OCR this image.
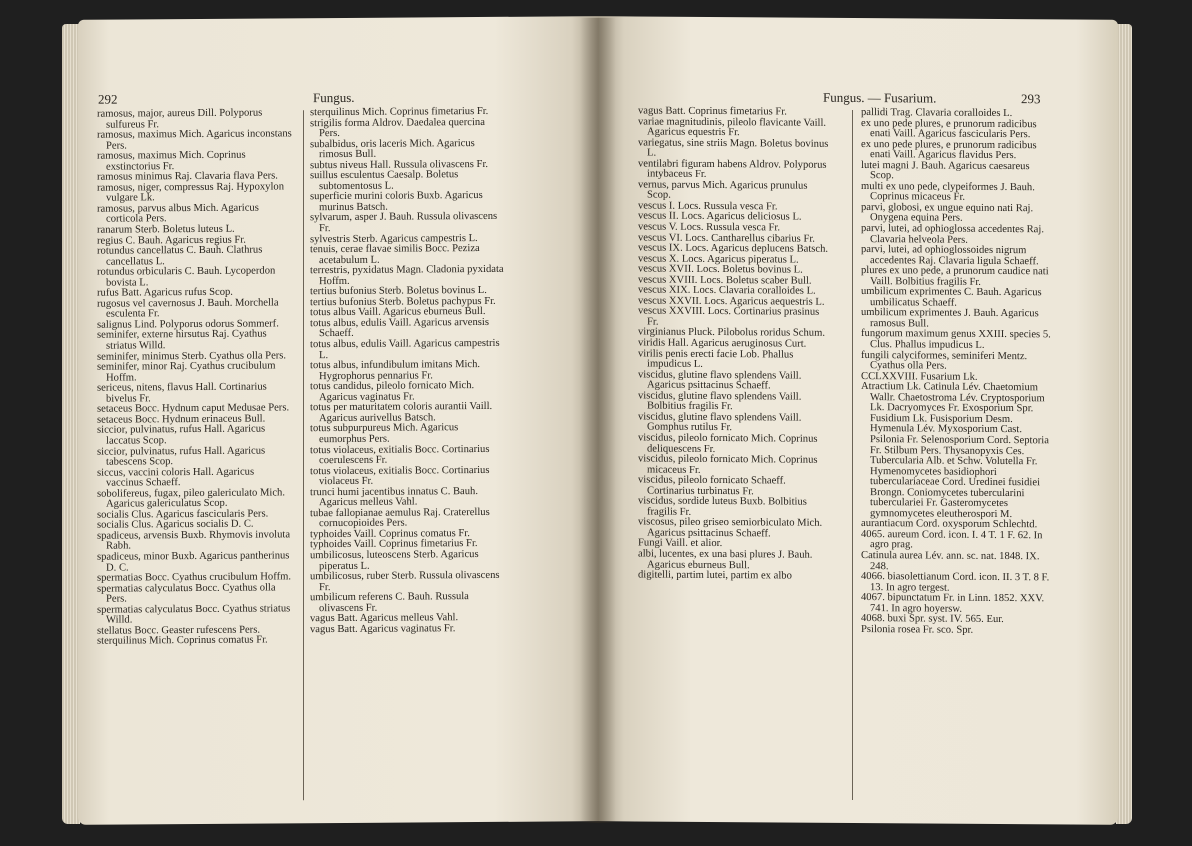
292	Fungus.

ramosus, major, aureus Dill. Polyporus sulfureus Fr.

ramosus, maximus Mich. Agaricus inconstans Pers.

ramosus, maximus Mich. Coprinus exstinctorius Fr.

ramosus minimus Raj. Clavaria flava Pers.

ramosus, niger, compressus Raj. Hypoxylon vulgare Lk.

ramosus, parvus albus Mich. Agaricus corticola Pers.

ranarum Sterb. Boletus luteus L.

regius C. Bauh. Agaricus regius Fr.

rotundus cancellatus C. Bauh. Clathrus cancellatus L.

rotundus orbicularis C. Bauh. Lycoperdon bovista L.

rufus Batt. Agaricus rufus Scop.

rugosus vel cavernosus J. Bauh. Morchella esculenta Fr.

salignus Lind. Polyporus odorus Sommerf.

seminifer, externe hirsutus Raj. Cyathus striatus Willd.

seminifer, minimus Sterb. Cyathus olla Pers.

seminifer, minor Raj. Cyathus crucibulum Hoffm.

sericeus, nitens, flavus Hall. Cortinarius bivelus Fr.

setaceus Bocc. Hydnum caput Medusae Pers.

setaceus Bocc. Hydnum erinaceus Bull.

siccior, pulvinatus, rufus Hall. Agaricus laccatus Scop.

siccior, pulvinatus, rufus Hall. Agaricus tabescens Scop.

siccus, vaccini coloris Hall. Agaricus vaccinus Schaeff.

sobolifereus, fugax, pileo galericulato Mich. Agaricus galericulatus Scop.

socialis Clus. Agaricus fascicularis Pers.

socialis Clus. Agaricus socialis D. C.

spadiceus, arvensis Buxb. Rhymovis involuta Rabh.

spadiceus, minor Buxb. Agaricus pantherinus D. C.

spermatias Bocc. Cyathus crucibulum Hoffm.

spermatias calyculatus Bocc. Cyathus olla Pers.

spermatias calyculatus Bocc. Cyathus striatus Willd.

stellatus Bocc. Geaster rufescens Pers.

sterquilinus Mich. Coprinus comatus Fr.

sterquilinus Mich. Coprinus fimetarius Fr.

strigilis forma Aldrov. Daedalea quercina Pers.

subalbidus, oris laceris Mich. Agaricus rimosus Bull.

subtus niveus Hall. Russula olivascens Fr.

suillus esculentus Caesalp. Boletus subtomentosus L.

superficie murini coloris Buxb. Agaricus murinus Batsch.

sylvarum, asper J. Bauh. Russula olivascens Fr.

sylvestris Sterb. Agaricus campestris L.

tenuis, cerae flavae similis Bocc. Peziza acetabulum L.

terrestris, pyxidatus Magn. Cladonia pyxidata Hoffm.

tertius bufonius Sterb. Boletus bovinus L.

tertius bufonius Sterb. Boletus pachypus Fr.

totus albus Vaill. Agaricus eburneus Bull.

totus albus, edulis Vaill. Agaricus arvensis Schaeff.

totus albus, edulis Vaill. Agaricus campestris L.

totus albus, infundibulum imitans Mich. Hygrophorus pennarius Fr.

totus candidus, pileolo fornicato Mich. Agaricus vaginatus Fr.

totus per maturitatem coloris aurantii Vaill. Agaricus aurivellus Batsch.

totus subpurpureus Mich. Agaricus eumorphus Pers.

totus violaceus, exitialis Bocc. Cortinarius coerulescens Fr.

totus violaceus, exitialis Bocc. Cortinarius violaceus Fr.

trunci humi jacentibus innatus C. Bauh. Agaricus melleus Vahl.

tubae fallopianae aemulus Raj. Craterellus cornucopioides Pers.

typhoides Vaill. Coprinus comatus Fr.

typhoides Vaill. Coprinus fimetarius Fr.

umbilicosus, luteoscens Sterb. Agaricus piperatus L.

umbilicosus, ruber Sterb. Russula olivascens Fr.

umbilicum referens C. Bauh. Russula olivascens Fr.

vagus Batt. Agaricus melleus Vahl.

vagus Batt. Agaricus vaginatus Fr.

Fungus. — Fusarium.	293

vagus Batt. Coprinus fimetarius Fr.

variae magnitudinis, pileolo flavicante Vaill. Agaricus equestris Fr.

variegatus, sine striis Magn. Boletus bovinus L.

ventilabri figuram habens Aldrov. Polyporus intybaceus Fr.

vernus, parvus Mich. Agaricus prunulus Scop.

vescus I. Locs. Russula vesca Fr.

vescus II. Locs. Agaricus deliciosus L.

vescus V. Locs. Russula vesca Fr.

vescus VI. Locs. Cantharellus cibarius Fr.

vescus IX. Locs. Agaricus deplucens Batsch.

vescus X. Locs. Agaricus piperatus L.

vescus XVII. Locs. Boletus bovinus L.

vescus XVIII. Locs. Boletus scaber Bull.

vescus XIX. Locs. Clavaria coralloides L.

vescus XXVII. Locs. Agaricus aequestris L.

vescus XXVIII. Locs. Cortinarius prasinus Fr.

virginianus Pluck. Pilobolus roridus Schum.

viridis Hall. Agaricus aeruginosus Curt.

virilis penis erecti facie Lob. Phallus impudicus L.

viscidus, glutine flavo splendens Vaill. Agaricus psittacinus Schaeff.

viscidus, glutine flavo splendens Vaill. Bolbitius fragilis Fr.

viscidus, glutine flavo splendens Vaill. Gomphus rutilus Fr.

viscidus, pileolo fornicato Mich. Coprinus deliquescens Fr.

viscidus, pileolo fornicato Mich. Coprinus micaceus Fr.

viscidus, pileolo fornicato Schaeff. Cortinarius turbinatus Fr.

viscidus, sordide luteus Buxb. Bolbitius fragilis Fr.

viscosus, pileo griseo semiorbiculato Mich. Agaricus psittacinus Schaeff.

Fungi Vaill. et alior.

albi, lucentes, ex una basi plures J. Bauh. Agaricus eburneus Bull.

digitelli, partim lutei, partim ex albo

pallidi Trag. Clavaria coralloides L.

ex uno pede plures, e prunorum radicibus enati Vaill. Agaricus fascicularis Pers.

ex uno pede plures, e prunorum radicibus enati Vaill. Agaricus flavidus Pers.

lutei magni J. Bauh. Agaricus caesareus Scop.

multi ex uno pede, clypeiformes J. Bauh. Coprinus micaceus Fr.

parvi, globosi, ex ungue equino nati Raj. Onygena equina Pers.

parvi, lutei, ad ophioglossa accedentes Raj. Clavaria helveola Pers.

parvi, lutei, ad ophioglossoides nigrum accedentes Raj. Clavaria ligula Schaeff.

plures ex uno pede, a prunorum caudice nati Vaill. Bolbitius fragilis Fr.

umbilicum exprimentes C. Bauh. Agaricus umbilicatus Schaeff.

umbilicum exprimentes J. Bauh. Agaricus ramosus Bull.

fungorum maximum genus XXIII. species 5. Clus. Phallus impudicus L.

fungili calyciformes, seminiferi Mentz. Cyathus olla Pers.

CCLXXVIII. Fusarium Lk.

Atractium Lk. Catinula Lév. Chaetomium Wallr. Chaetostroma Lév. Cryptosporium Lk. Dacryomyces Fr. Exosporium Spr. Fusidium Lk. Fusisporium Desm. Hymenula Lév. Myxosporium Cast. Psilonia Fr. Selenosporium Cord. Septoria Fr. Stilbum Pers. Thysanopyxis Ces. Tubercularia Alb. et Schw. Volutella Fr. Hymenomycetes basidiophori tuberculariaceae Cord. Uredinei fusidiei Brongn. Coniomycetes tubercularini tuberculariei Fr. Gasteromycetes gymnomycetes eleutherospori M.

aurantiacum Cord. oxysporum Schlechtd.

4065. aureum Cord. icon. I. 4 T. 1 F. 62. In agro prag.

Catinula aurea Lév. ann. sc. nat. 1848. IX. 248.

4066. biasolettianum Cord. icon. II. 3 T. 8 F. 13. In agro tergest.

4067. bipunctatum Fr. in Linn. 1852. XXV. 741. In agro hoyersw.

4068. buxi Spr. syst. IV. 565. Eur.

Psilonia rosea Fr. sco. Spr.
